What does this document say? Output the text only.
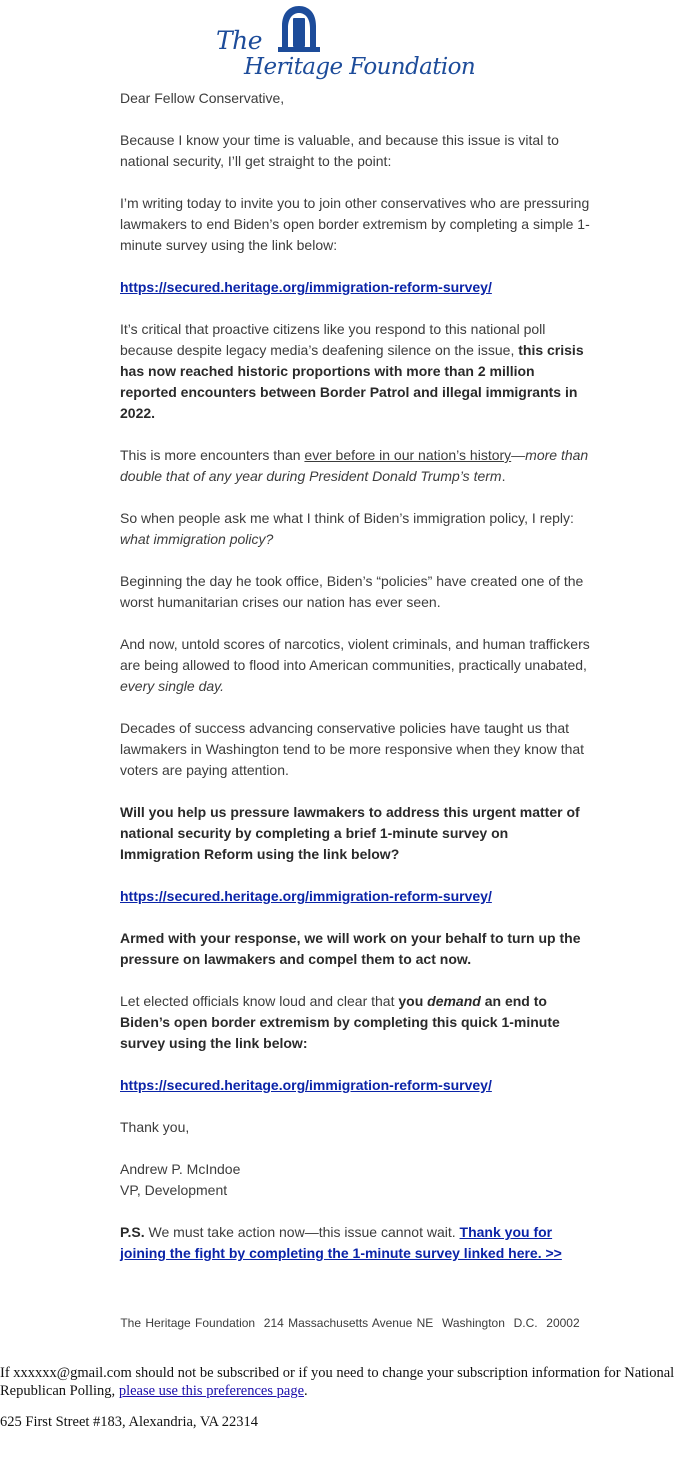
The
Heritage Foundation

Dear Fellow Conservative,

Because I know your time is valuable, and because this issue is vital to national security, I’ll get straight to the point:

I’m writing today to invite you to join other conservatives who are pressuring lawmakers to end Biden’s open border extremism by completing a simple 1-minute survey using the link below:

https://secured.heritage.org/immigration-reform-survey/

It’s critical that proactive citizens like you respond to this national poll because despite legacy media’s deafening silence on the issue, this crisis has now reached historic proportions with more than 2 million reported encounters between Border Patrol and illegal immigrants in 2022.

This is more encounters than ever before in our nation’s history—more than double that of any year during President Donald Trump’s term.

So when people ask me what I think of Biden’s immigration policy, I reply: what immigration policy?

Beginning the day he took office, Biden’s “policies” have created one of the worst humanitarian crises our nation has ever seen.

And now, untold scores of narcotics, violent criminals, and human traffickers are being allowed to flood into American communities, practically unabated, every single day.

Decades of success advancing conservative policies have taught us that lawmakers in Washington tend to be more responsive when they know that voters are paying attention.

Will you help us pressure lawmakers to address this urgent matter of national security by completing a brief 1-minute survey on Immigration Reform using the link below?

https://secured.heritage.org/immigration-reform-survey/

Armed with your response, we will work on your behalf to turn up the pressure on lawmakers and compel them to act now.

Let elected officials know loud and clear that you demand an end to Biden’s open border extremism by completing this quick 1-minute survey using the link below:

https://secured.heritage.org/immigration-reform-survey/

Thank you,

Andrew P. McIndoe
VP, Development

P.S. We must take action now—this issue cannot wait. Thank you for joining the fight by completing the 1-minute survey linked here. >>

The Heritage Foundation 214 Massachusetts Avenue NE Washington D.C. 20002
If xxxxxx@gmail.com should not be subscribed or if you need to change your subscription information for National Republican Polling, please use this preferences page.
625 First Street #183, Alexandria, VA 22314
